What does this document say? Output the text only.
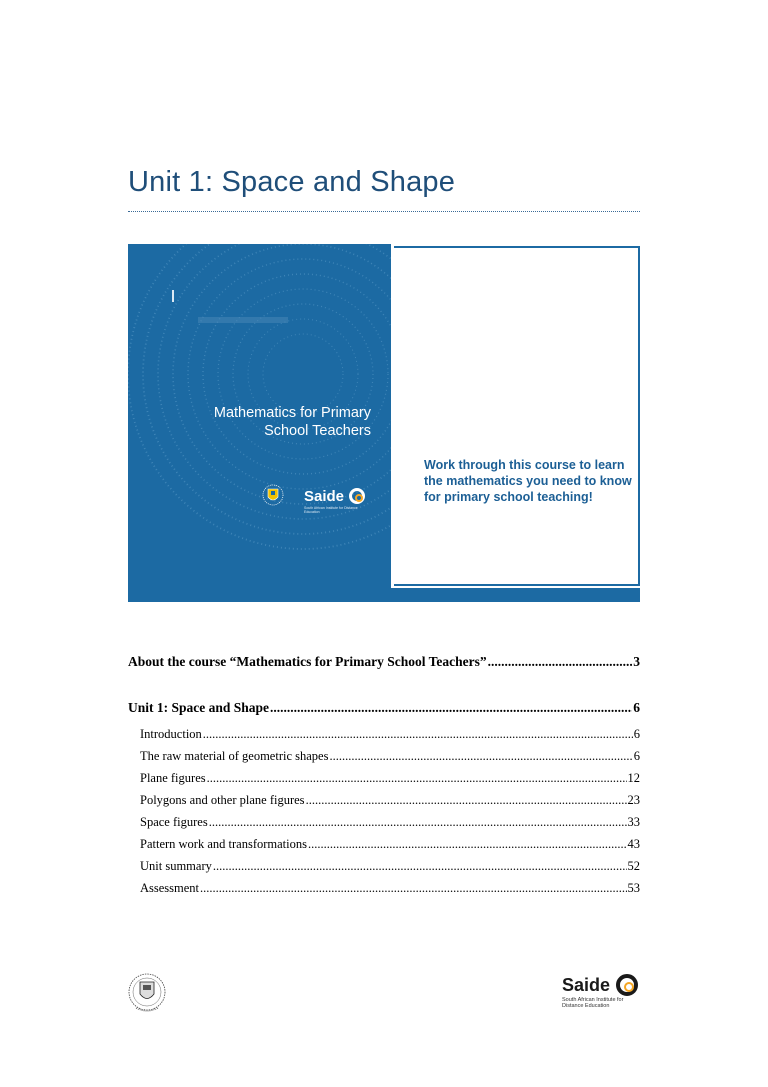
Unit 1: Space and Shape
Mathematics for Primary
School Teachers
Saide
South African Institute for Distance Education
Work through this course to learn the mathematics you need to know for primary school teaching!
About the course “Mathematics for Primary School Teachers” .....	3
Unit 1: Space and Shape .....	6
Introduction .....	6
The raw material of geometric shapes .....	6
Plane figures .....	12
Polygons and other plane figures .....	23
Space figures .....	33
Pattern work and transformations .....	43
Unit summary .....	52
Assessment .....	53
Saide
South African Institute for Distance Education
